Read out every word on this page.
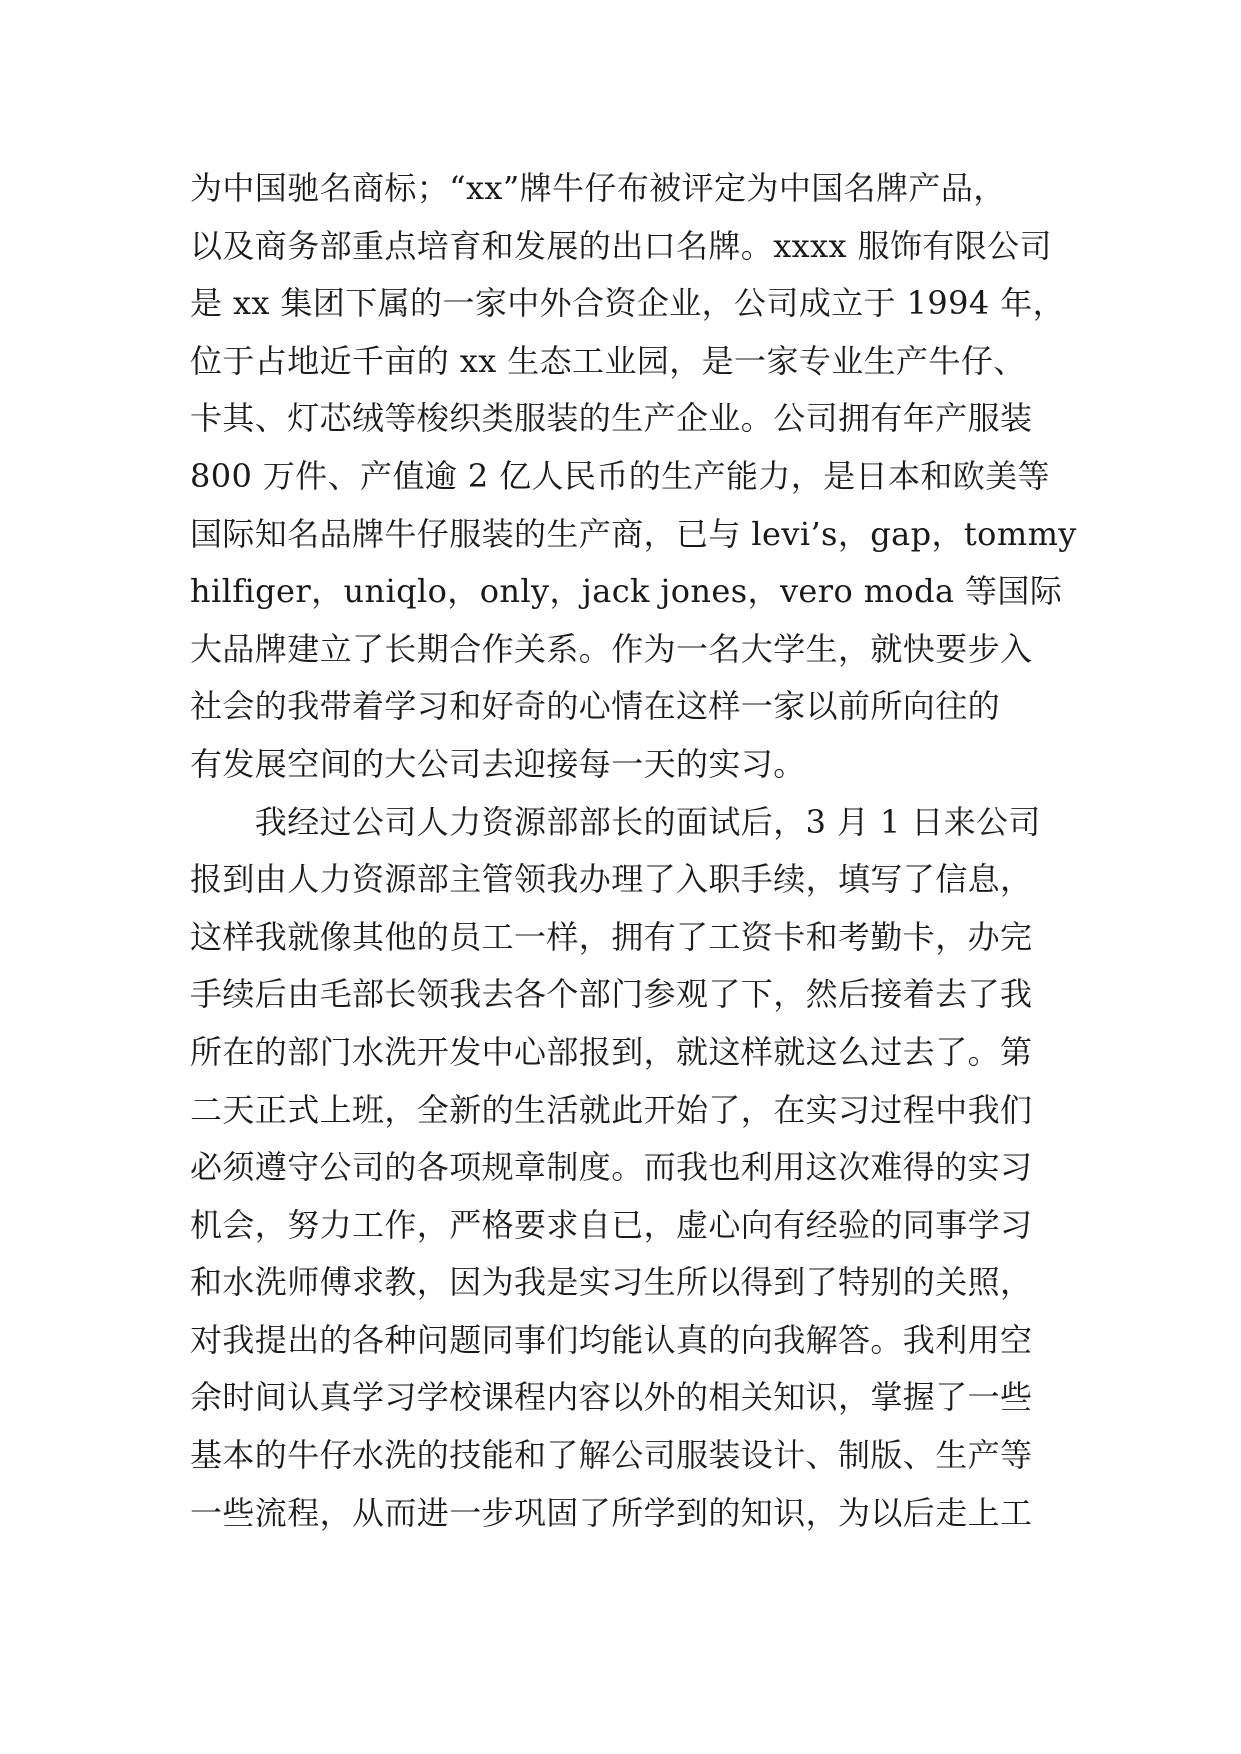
为中国驰名商标；“xx”牌牛仔布被评定为中国名牌产品，
以及商务部重点培育和发展的出口名牌。xxxx 服饰有限公司
是 xx 集团下属的一家中外合资企业，公司成立于 1994 年，
位于占地近千亩的 xx 生态工业园，是一家专业生产牛仔、
卡其、灯芯绒等梭织类服装的生产企业。公司拥有年产服装
800 万件、产值逾 2 亿人民币的生产能力，是日本和欧美等
国际知名品牌牛仔服装的生产商，已与 levi’s，gap，tommy
hilfiger，uniqlo，only，jack jones，vero moda 等国际
大品牌建立了长期合作关系。作为一名大学生，就快要步入
社会的我带着学习和好奇的心情在这样一家以前所向往的
有发展空间的大公司去迎接每一天的实习。
　　我经过公司人力资源部部长的面试后，3 月 1 日来公司
报到由人力资源部主管领我办理了入职手续，填写了信息，
这样我就像其他的员工一样，拥有了工资卡和考勤卡，办完
手续后由毛部长领我去各个部门参观了下，然后接着去了我
所在的部门水洗开发中心部报到，就这样就这么过去了。第
二天正式上班，全新的生活就此开始了，在实习过程中我们
必须遵守公司的各项规章制度。而我也利用这次难得的实习
机会，努力工作，严格要求自已，虚心向有经验的同事学习
和水洗师傅求教，因为我是实习生所以得到了特别的关照，
对我提出的各种问题同事们均能认真的向我解答。我利用空
余时间认真学习学校课程内容以外的相关知识，掌握了一些
基本的牛仔水洗的技能和了解公司服装设计、制版、生产等
一些流程，从而进一步巩固了所学到的知识，为以后走上工
